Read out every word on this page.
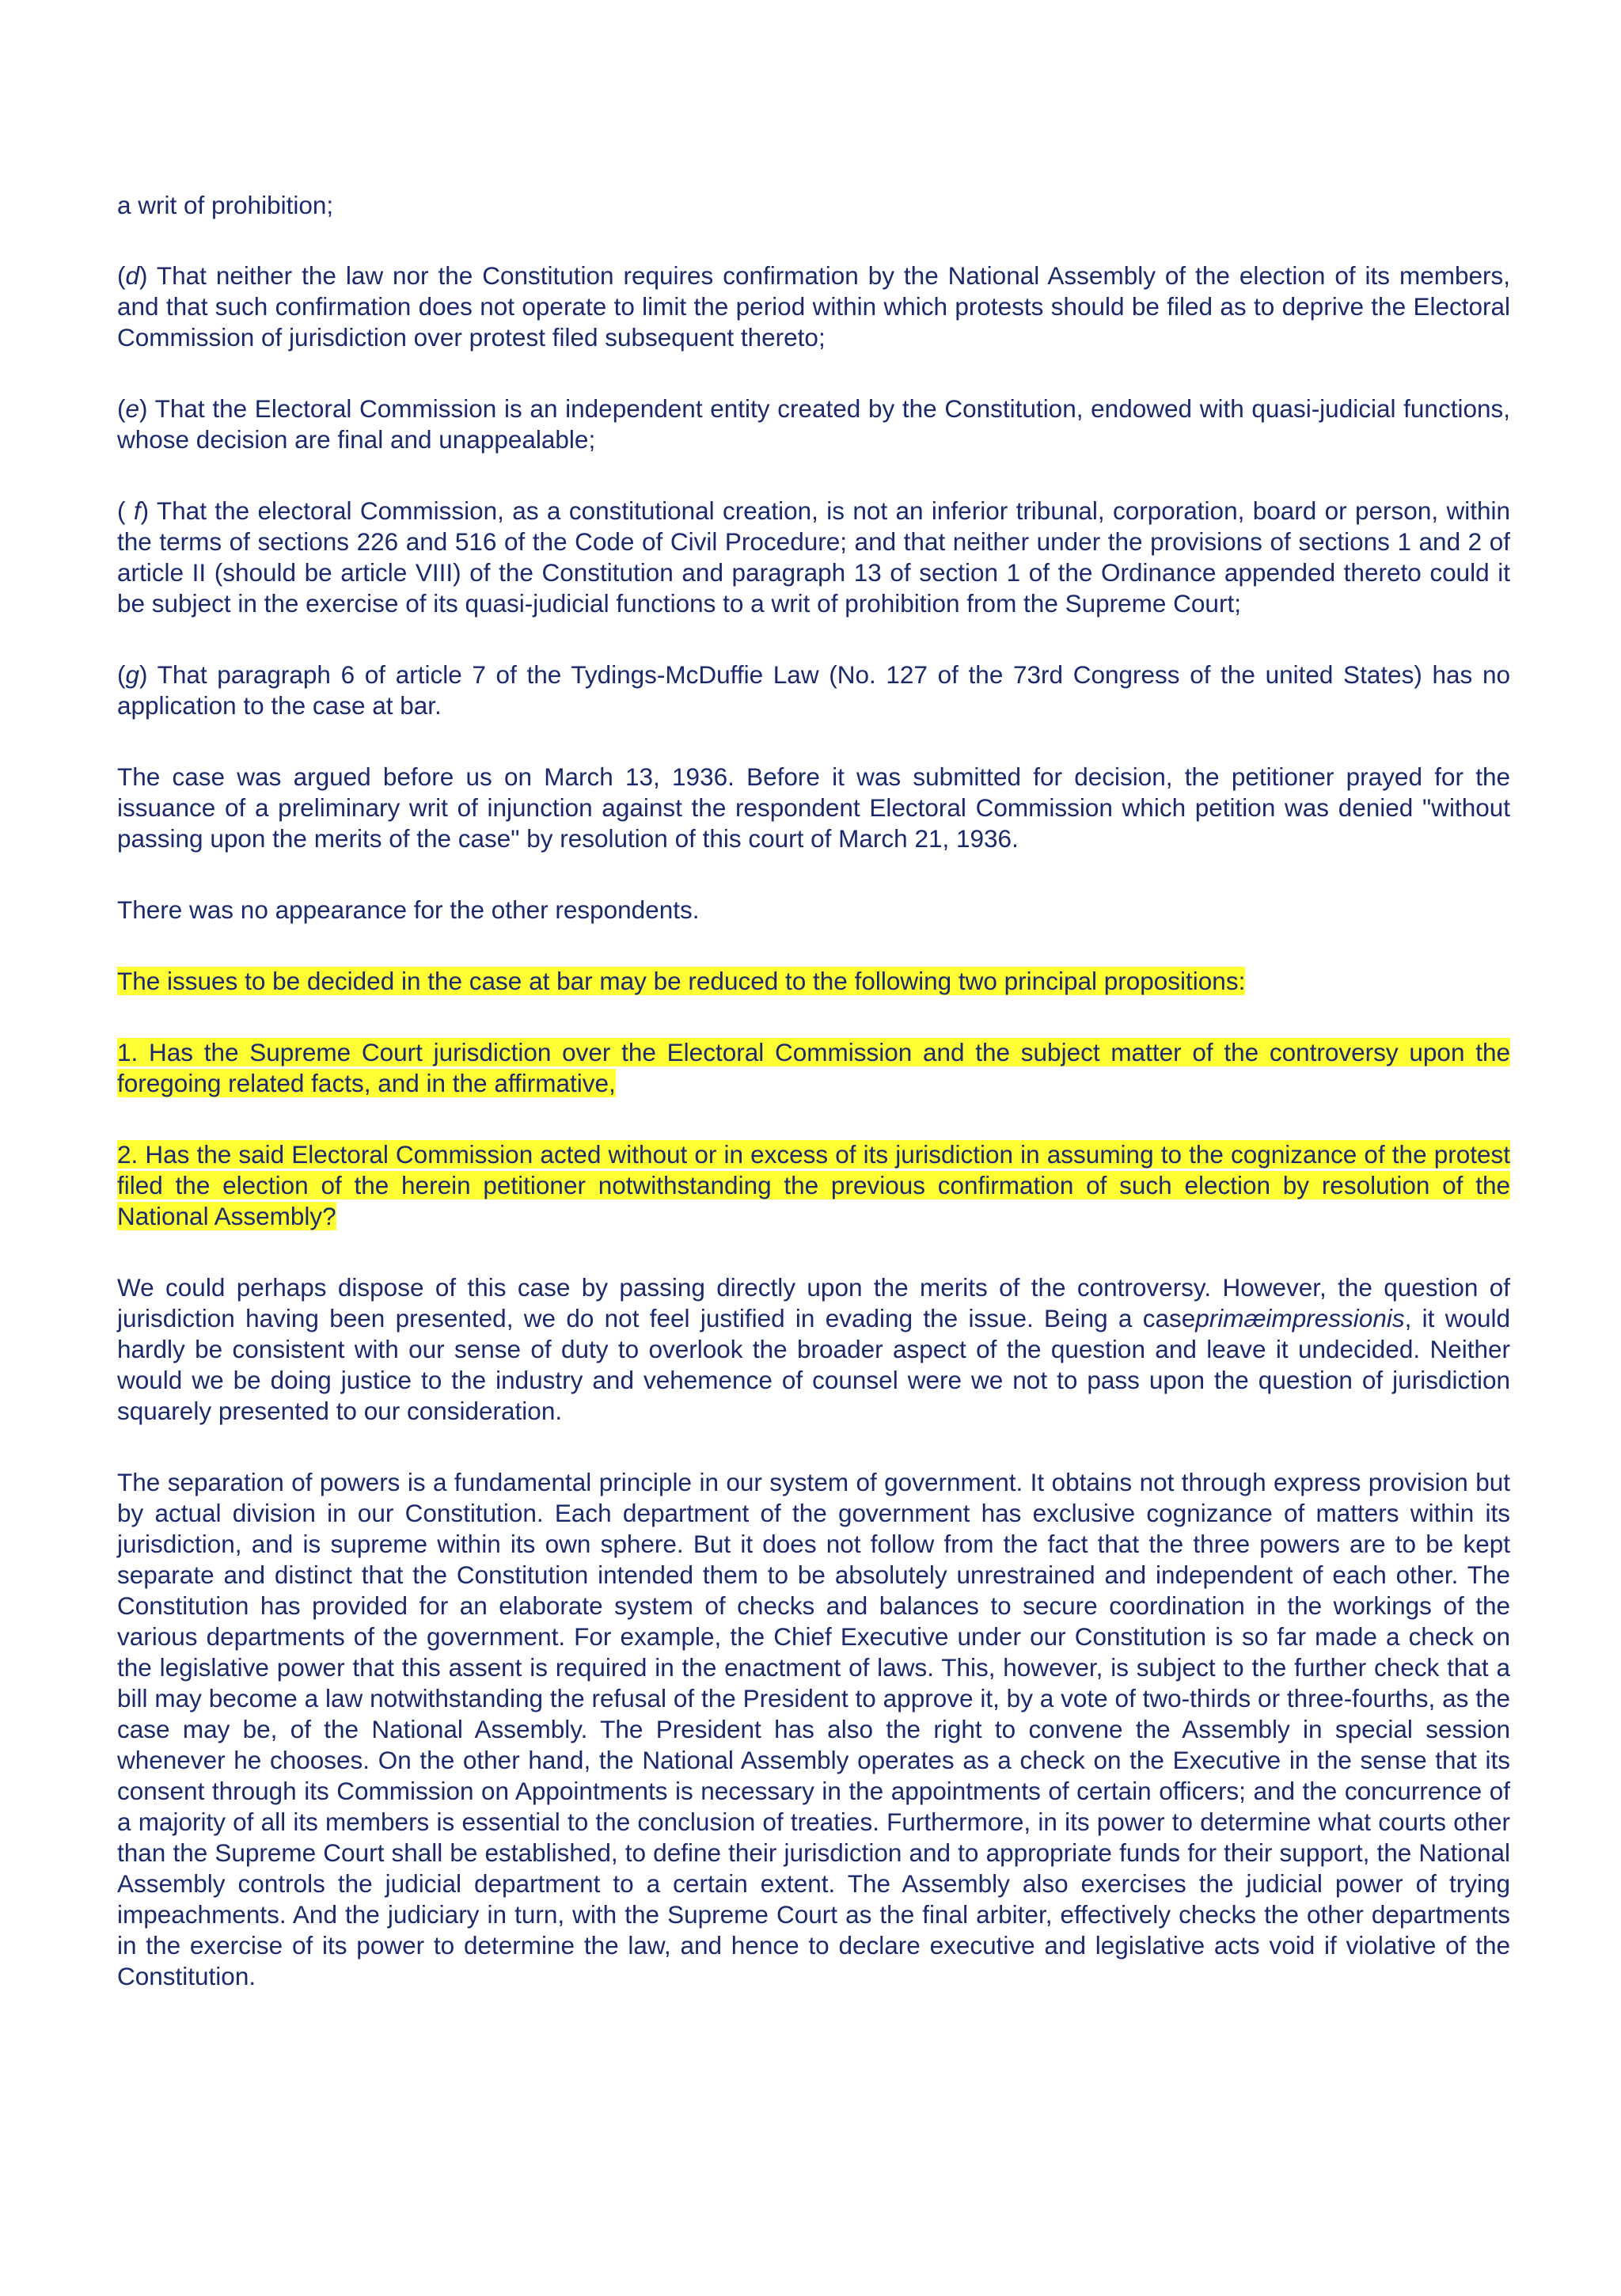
a writ of prohibition;

(d) That neither the law nor the Constitution requires confirmation by the National Assembly of the election of its members, and that such confirmation does not operate to limit the period within which protests should be filed as to deprive the Electoral Commission of jurisdiction over protest filed subsequent thereto;

(e) That the Electoral Commission is an independent entity created by the Constitution, endowed with quasi-judicial functions, whose decision are final and unappealable;

( f) That the electoral Commission, as a constitutional creation, is not an inferior tribunal, corporation, board or person, within the terms of sections 226 and 516 of the Code of Civil Procedure; and that neither under the provisions of sections 1 and 2 of article II (should be article VIII) of the Constitution and paragraph 13 of section 1 of the Ordinance appended thereto could it be subject in the exercise of its quasi-judicial functions to a writ of prohibition from the Supreme Court;

(g) That paragraph 6 of article 7 of the Tydings-McDuffie Law (No. 127 of the 73rd Congress of the united States) has no application to the case at bar.

The case was argued before us on March 13, 1936. Before it was submitted for decision, the petitioner prayed for the issuance of a preliminary writ of injunction against the respondent Electoral Commission which petition was denied "without passing upon the merits of the case" by resolution of this court of March 21, 1936.

There was no appearance for the other respondents.

The issues to be decided in the case at bar may be reduced to the following two principal propositions:

1. Has the Supreme Court jurisdiction over the Electoral Commission and the subject matter of the controversy upon the foregoing related facts, and in the affirmative,

2. Has the said Electoral Commission acted without or in excess of its jurisdiction in assuming to the cognizance of the protest filed the election of the herein petitioner notwithstanding the previous confirmation of such election by resolution of the National Assembly?

We could perhaps dispose of this case by passing directly upon the merits of the controversy. However, the question of jurisdiction having been presented, we do not feel justified in evading the issue. Being a caseprimæimpressionis, it would hardly be consistent with our sense of duty to overlook the broader aspect of the question and leave it undecided. Neither would we be doing justice to the industry and vehemence of counsel were we not to pass upon the question of jurisdiction squarely presented to our consideration.

The separation of powers is a fundamental principle in our system of government. It obtains not through express provision but by actual division in our Constitution. Each department of the government has exclusive cognizance of matters within its jurisdiction, and is supreme within its own sphere. But it does not follow from the fact that the three powers are to be kept separate and distinct that the Constitution intended them to be absolutely unrestrained and independent of each other. The Constitution has provided for an elaborate system of checks and balances to secure coordination in the workings of the various departments of the government. For example, the Chief Executive under our Constitution is so far made a check on the legislative power that this assent is required in the enactment of laws. This, however, is subject to the further check that a bill may become a law notwithstanding the refusal of the President to approve it, by a vote of two-thirds or three-fourths, as the case may be, of the National Assembly. The President has also the right to convene the Assembly in special session whenever he chooses. On the other hand, the National Assembly operates as a check on the Executive in the sense that its consent through its Commission on Appointments is necessary in the appointments of certain officers; and the concurrence of a majority of all its members is essential to the conclusion of treaties. Furthermore, in its power to determine what courts other than the Supreme Court shall be established, to define their jurisdiction and to appropriate funds for their support, the National Assembly controls the judicial department to a certain extent. The Assembly also exercises the judicial power of trying impeachments. And the judiciary in turn, with the Supreme Court as the final arbiter, effectively checks the other departments in the exercise of its power to determine the law, and hence to declare executive and legislative acts void if violative of the Constitution.
